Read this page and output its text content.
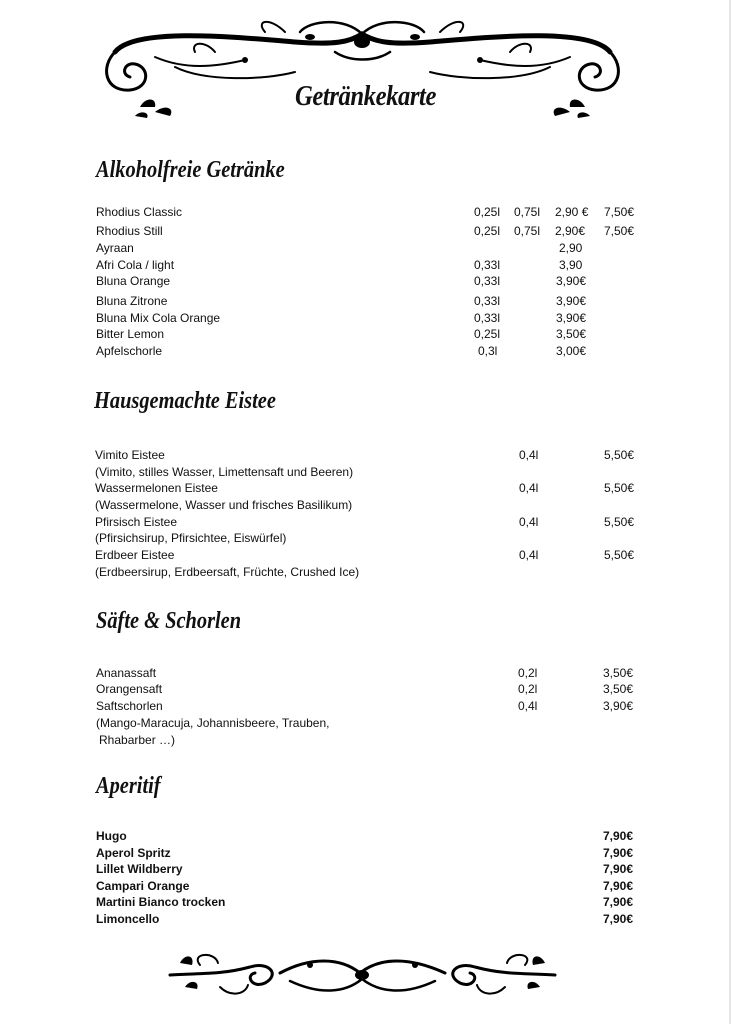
Getränkekarte
Alkoholfreie Getränke
Rhodius Classic	0,25l 0,75l 2,90 € 7,50€
Rhodius Still	0,25l 0,75l 2,90€ 7,50€
Ayraan	2,90
Afri Cola / light	0,33l	3,90
Bluna Orange	0,33l	3,90€
Bluna Zitrone	0,33l	3,90€
Bluna Mix Cola Orange	0,33l	3,90€
Bitter Lemon	0,25l	3,50€
Apfelschorle	0,3l	3,00€
Hausgemachte Eistee
Vimito Eistee	0,4l	5,50€
(Vimito, stilles Wasser, Limettensaft und Beeren)
Wassermelonen Eistee	0,4l	5,50€
(Wassermelone, Wasser und frisches Basilikum)
Pfirsisch Eistee	0,4l	5,50€
(Pfirsichsirup, Pfirsichtee, Eiswürfel)
Erdbeer Eistee	0,4l	5,50€
(Erdbeersirup, Erdbeersaft, Früchte, Crushed Ice)
Säfte & Schorlen
Ananassaft	0,2l	3,50€
Orangensaft	0,2l	3,50€
Saftschorlen	0,4l	3,90€
(Mango-Maracuja, Johannisbeere, Trauben,
Rhabarber …)
Aperitif
Hugo	7,90€
Aperol Spritz	7,90€
Lillet Wildberry	7,90€
Campari Orange	7,90€
Martini Bianco trocken	7,90€
Limoncello	7,90€
